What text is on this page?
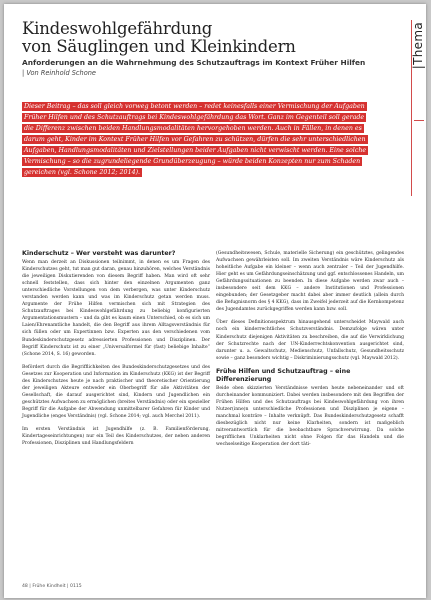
Kindeswohlgefährdung
von Säuglingen und Kleinkindern

Anforderungen an die Wahrnehmung des Schutzauftrags im Kontext Früher Hilfen

| Von Reinhold Schone
|Thema

Dieser Beitrag – das soll gleich vorweg betont werden – redet keinesfalls einer Vermischung der Aufgaben Früher Hilfen und des Schutzauftrags bei Kindeswohlgefährdung das Wort. Ganz im Gegenteil soll gerade die Differenz zwischen beiden Handlungsmodalitäten hervorgehoben werden. Auch in Fällen, in denen es darum geht, Kinder im Kontext Früher Hilfen vor Gefahren zu schützen, dürfen die sehr unterschiedlichen Aufgaben, Handlungsmodalitäten und Zielstellungen beider Aufgaben nicht verwischt werden. Eine solche Vermischung – so die zugrundeliegende Grundüberzeugung – würde beiden Konzepten nur zum Schaden gereichen (vgl. Schone 2012; 2014).

Kinderschutz – Wer versteht was darunter?

Wenn man derzeit an Diskussionen teilnimmt, in denen es um Fragen des Kinderschutzes geht, tut man gut daran, genau hinzuhören, welches Verständnis die jeweiligen Diskutierenden von diesem Begriff haben. Man wird oft sehr schnell feststellen, dass sich hinter den einzelnen Argumenten ganz unterschiedliche Vorstellungen von dem verbergen, was unter Kinderschutz verstanden werden kann und was im Kinderschutz getan werden muss. Argumente der Frühe Hilfen vermischen sich mit Strategien des Schutzauftrages bei Kindeswohlgefährdung zu beliebig konfigurierten Argumentationsmustern – und da gibt es kaum einen Unterschied, ob es sich um Laien/Ehrenamtliche handelt, die den Begriff aus ihrem Alltagsverständnis für sich füllen oder um Expertinnen bzw. Experten aus den verschiedenen vom Bundeskinderschutzgesetz adressierten Professionen und Disziplinen. Der Begriff Kinderschutz ist zu einer „Universalformel für (fast) beliebige Inhalte“ (Schone 2014, S. 16) geworden.

Befördert durch die Begrifflichkeiten des Bundeskinderschutzgesetzes und des Gesetzes zur Kooperation und Information im Kinderschutz (KKG) ist der Begriff des Kinderschutzes heute je nach praktischer und theoretischer Orientierung der jeweiligen Akteure entweder ein Oberbegriff für alle Aktivitäten der Gesellschaft, die darauf ausgerichtet sind, Kindern und Jugendlichen ein geschütztes Aufwachsen zu ermöglichen (breites Verständnis) oder ein spezieller Begriff für die Aufgabe der Abwendung unmittelbarer Gefahren für Kinder und Jugendliche (enges Verständnis) (vgl. Schone 2014; vgl. auch Merchel 2011).

Im ersten Verständnis ist Jugendhilfe (z. B. Familienförderung, Kindertageseinrichtungen) nur ein Teil des Kinderschutzes, der neben anderen Professionen, Disziplinen und Handlungsfeldern

(Gesundheitswesen, Schule, materielle Sicherung) ein geschütztes, gelingendes Aufwachsen gewährleisten soll. Im zweiten Verständnis wäre Kinderschutz als hoheitliche Aufgabe ein kleiner – wenn auch zentraler – Teil der Jugendhilfe. Hier geht es um Gefährdungseinschätzung und ggf. entschlossenes Handeln, um Gefährdungssituationen zu beenden. In diese Aufgabe werden zwar auch – insbesondere seit dem KKG – andere Institutionen und Professionen eingebunden; der Gesetzgeber macht dabei aber immer deutlich (allein durch die Befugnisnorm des § 4 KKG), dass im Zweifel jederzeit auf die Kernkompetenz des Jugendamtes zurückgegriffen werden kann bzw. soll.

Über dieses Definitionsspektrum hinausgehend unterscheidet Maywald auch noch ein kinderrechtliches Schutzverständnis. Demzufolge wären unter Kinderschutz diejenigen Aktivitäten zu beschreiben, die auf die Verwirklichung der Schutzrechte nach der UN-Kinderrechtskonvention ausgerichtet sind, darunter u. a. Gewaltschutz, Medienschutz, Unfallschutz, Gesundheitsschutz sowie – ganz besonders wichtig – Diskriminierungsschutz (vgl. Maywald 2012).

Frühe Hilfen und Schutzauftrag – eine Differenzierung

Beide oben skizzierten Verständnisse werden heute nebeneinander und oft durcheinander kommuniziert. Dabei werden insbesondere mit den Begriffen der Frühen Hilfen und des Schutzauftrags bei Kindeswohlgefährdung von ihren Nutzer(inne)n unterschiedliche Professionen und Disziplinen je eigene – manchmal konträre – Inhalte verknüpft. Das Bundeskinderschutzgesetz schafft diesbezüglich nicht nur keine Klarheiten, sondern ist maßgeblich mitverantwortlich für die beobachtbare Sprachverwirrung. Da solche begrifflichen Unklarheiten nicht ohne Folgen für das Handeln und die wechselseitige Kooperation der dort täti-

48 | Frühe Kindheit | 0115
